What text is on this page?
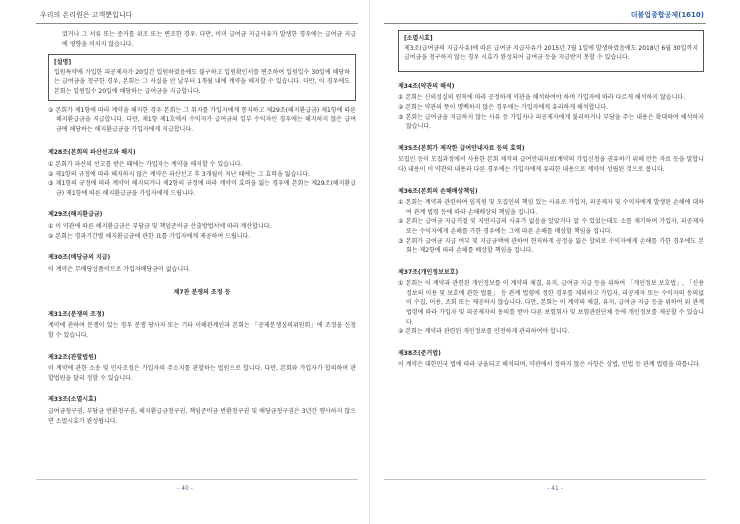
우리의 온리원은 고객뿐입니다

였거나 그 서류 또는 증거를 위조 또는 변조한 경우. 다만, 이미 급여금 지급사유가 발생한 경우에는 급여금 지급에 영향을 미치지 않습니다.

[설명]

입원특약에 가입한 피공제자가 20일간 입원하였음에도 불구하고 입원확인서를 변조하여 입원일수 30일에 해당하는 급여금을 청구한 경우, 본회는 그 사실을 안 날부터 1개월 내에 계약을 해지할 수 있습니다. 다만, 이 경우에도 본회는 입원일수 20일에 해당하는 급여금을 지급합니다.

② 본회가 제1항에 따라 계약을 해지한 경우 본회는 그 취지를 가입자에게 통지하고 제29조(해지환급금) 제1항에 따른 해지환급금을 지급합니다. 다만, 제1항 제1호에서 수익자가 급여금의 일부 수익자인 경우에는 해지하지 않은 급여금에 해당하는 해지환급금을 가입자에게 지급합니다.

제28조(본회의 파산선고와 해지)

① 본회가 파산의 선고를 받은 때에는 가입자는 계약을 해지할 수 있습니다.

② 제1항의 규정에 따라 해지하지 않은 계약은 파산선고 후 3개월이 지난 때에는 그 효력을 잃습니다.

③ 제1항의 규정에 따라 계약이 해지되거나 제2항의 규정에 따라 계약이 효력을 잃는 경우에 본회는 제29조(해지환급금) 제1항에 따른 해지환급금을 가입자에게 드립니다.

제29조(해지환급금)

① 이 약관에 따른 해지환급금은 부담금 및 책임준비금 산출방법서에 따라 계산합니다.

② 본회는 경과기간별 해지환급금에 관한 표를 가입자에게 제공하여 드립니다.

제30조(배당금의 지급)

이 계약은 무배당상품이므로 가입자배당금이 없습니다.

제7관 분쟁의 조정 등

제31조(분쟁의 조정)

계약에 관하여 분쟁이 있는 경우 분쟁 당사자 또는 기타 이해관계인과 본회는 「공제분쟁심의위원회」에 조정을 신청할 수 있습니다.

제32조(관할법원)

이 계약에 관한 소송 및 민사조정은 가입자의 주소지를 관할하는 법원으로 합니다. 다만, 본회와 가입자가 합의하여 관할법원을 달리 정할 수 있습니다.

제33조(소멸시효)

급여금청구권, 부담금 반환청구권, 해지환급금청구권, 책임준비금 반환청구권 및 배당금청구권은 3년간 행사하지 않으면 소멸시효가 완성됩니다.

- 40 -
더불업종합공제(1610)

[소멸시효]

제3조(급여금의 지급사유)에 따른 급여금 지급사유가 2015년 7월 1일에 발생하였음에도 2018년 6월 30일까지 급여금을 청구하지 않는 경우 시효가 완성되어 급여금 등을 지급받지 못할 수 있습니다.

제34조(약관의 해석)

① 본회는 신의성실의 원칙에 따라 공정하게 약관을 해석하여야 하며 가입자에 따라 다르게 해석하지 않습니다.

② 본회는 약관의 뜻이 명백하지 않은 경우에는 가입자에게 유리하게 해석합니다.

③ 본회는 급여금을 지급하지 않는 사유 등 가입자나 피공제자에게 불리하거나 부담을 주는 내용은 확대하여 해석하지 않습니다.

제35조(본회가 제작한 급여안내자료 등의 효력)

모집인 등이 모집과정에서 사용한 본회 제작의 급여안내자료(계약의 가입신청을 권유하기 위해 만든 자료 등을 말합니다) 내용이 이 약관의 내용과 다른 경우에는 가입자에게 유리한 내용으로 계약이 성립된 것으로 봅니다.

제36조(본회의 손해배상책임)

① 본회는 계약과 관련하여 임직원 및 모집인의 책임 있는 사유로 가입자, 피공제자 및 수익자에게 발생된 손해에 대하여 관계 법령 등에 따라 손해배상의 책임을 집니다.

② 본회는 급여금 지급거절 및 지연지급의 사유가 없음을 알았거나 알 수 있었는데도 소를 제기하여 가입자, 피공제자 또는 수익자에게 손해를 가한 경우에는 그에 따른 손해를 배상할 책임을 집니다.

③ 본회가 급여금 지급 여부 및 지급금액에 관하여 현저하게 공정을 잃은 합의로 수익자에게 손해를 가한 경우에도 본회는 제2항에 따라 손해를 배상할 책임을 집니다.

제37조(개인정보보호)

① 본회는 이 계약과 관련된 개인정보를 이 계약의 체결, 유지, 급여금 지급 등을 위하여 「개인정보 보호법」, 「신용정보의 이용 및 보호에 관한 법률」 등 관계 법령에 정한 경우를 제외하고 가입자, 피공제자 또는 수익자의 동의없이 수집, 이용, 조회 또는 제공하지 않습니다. 다만, 본회는 이 계약의 체결, 유지, 급여금 지급 등을 위하여 위 관계 법령에 따라 가입자 및 피공제자의 동의를 받아 다른 보험회사 및 보험관련단체 등에 개인정보를 제공할 수 있습니다.

② 본회는 계약과 관련된 개인정보를 안전하게 관리하여야 합니다.

제38조(준거법)

이 계약은 대한민국 법에 따라 규율되고 해석되며, 약관에서 정하지 않은 사항은 상법, 민법 등 관계 법령을 따릅니다.

- 41 -
